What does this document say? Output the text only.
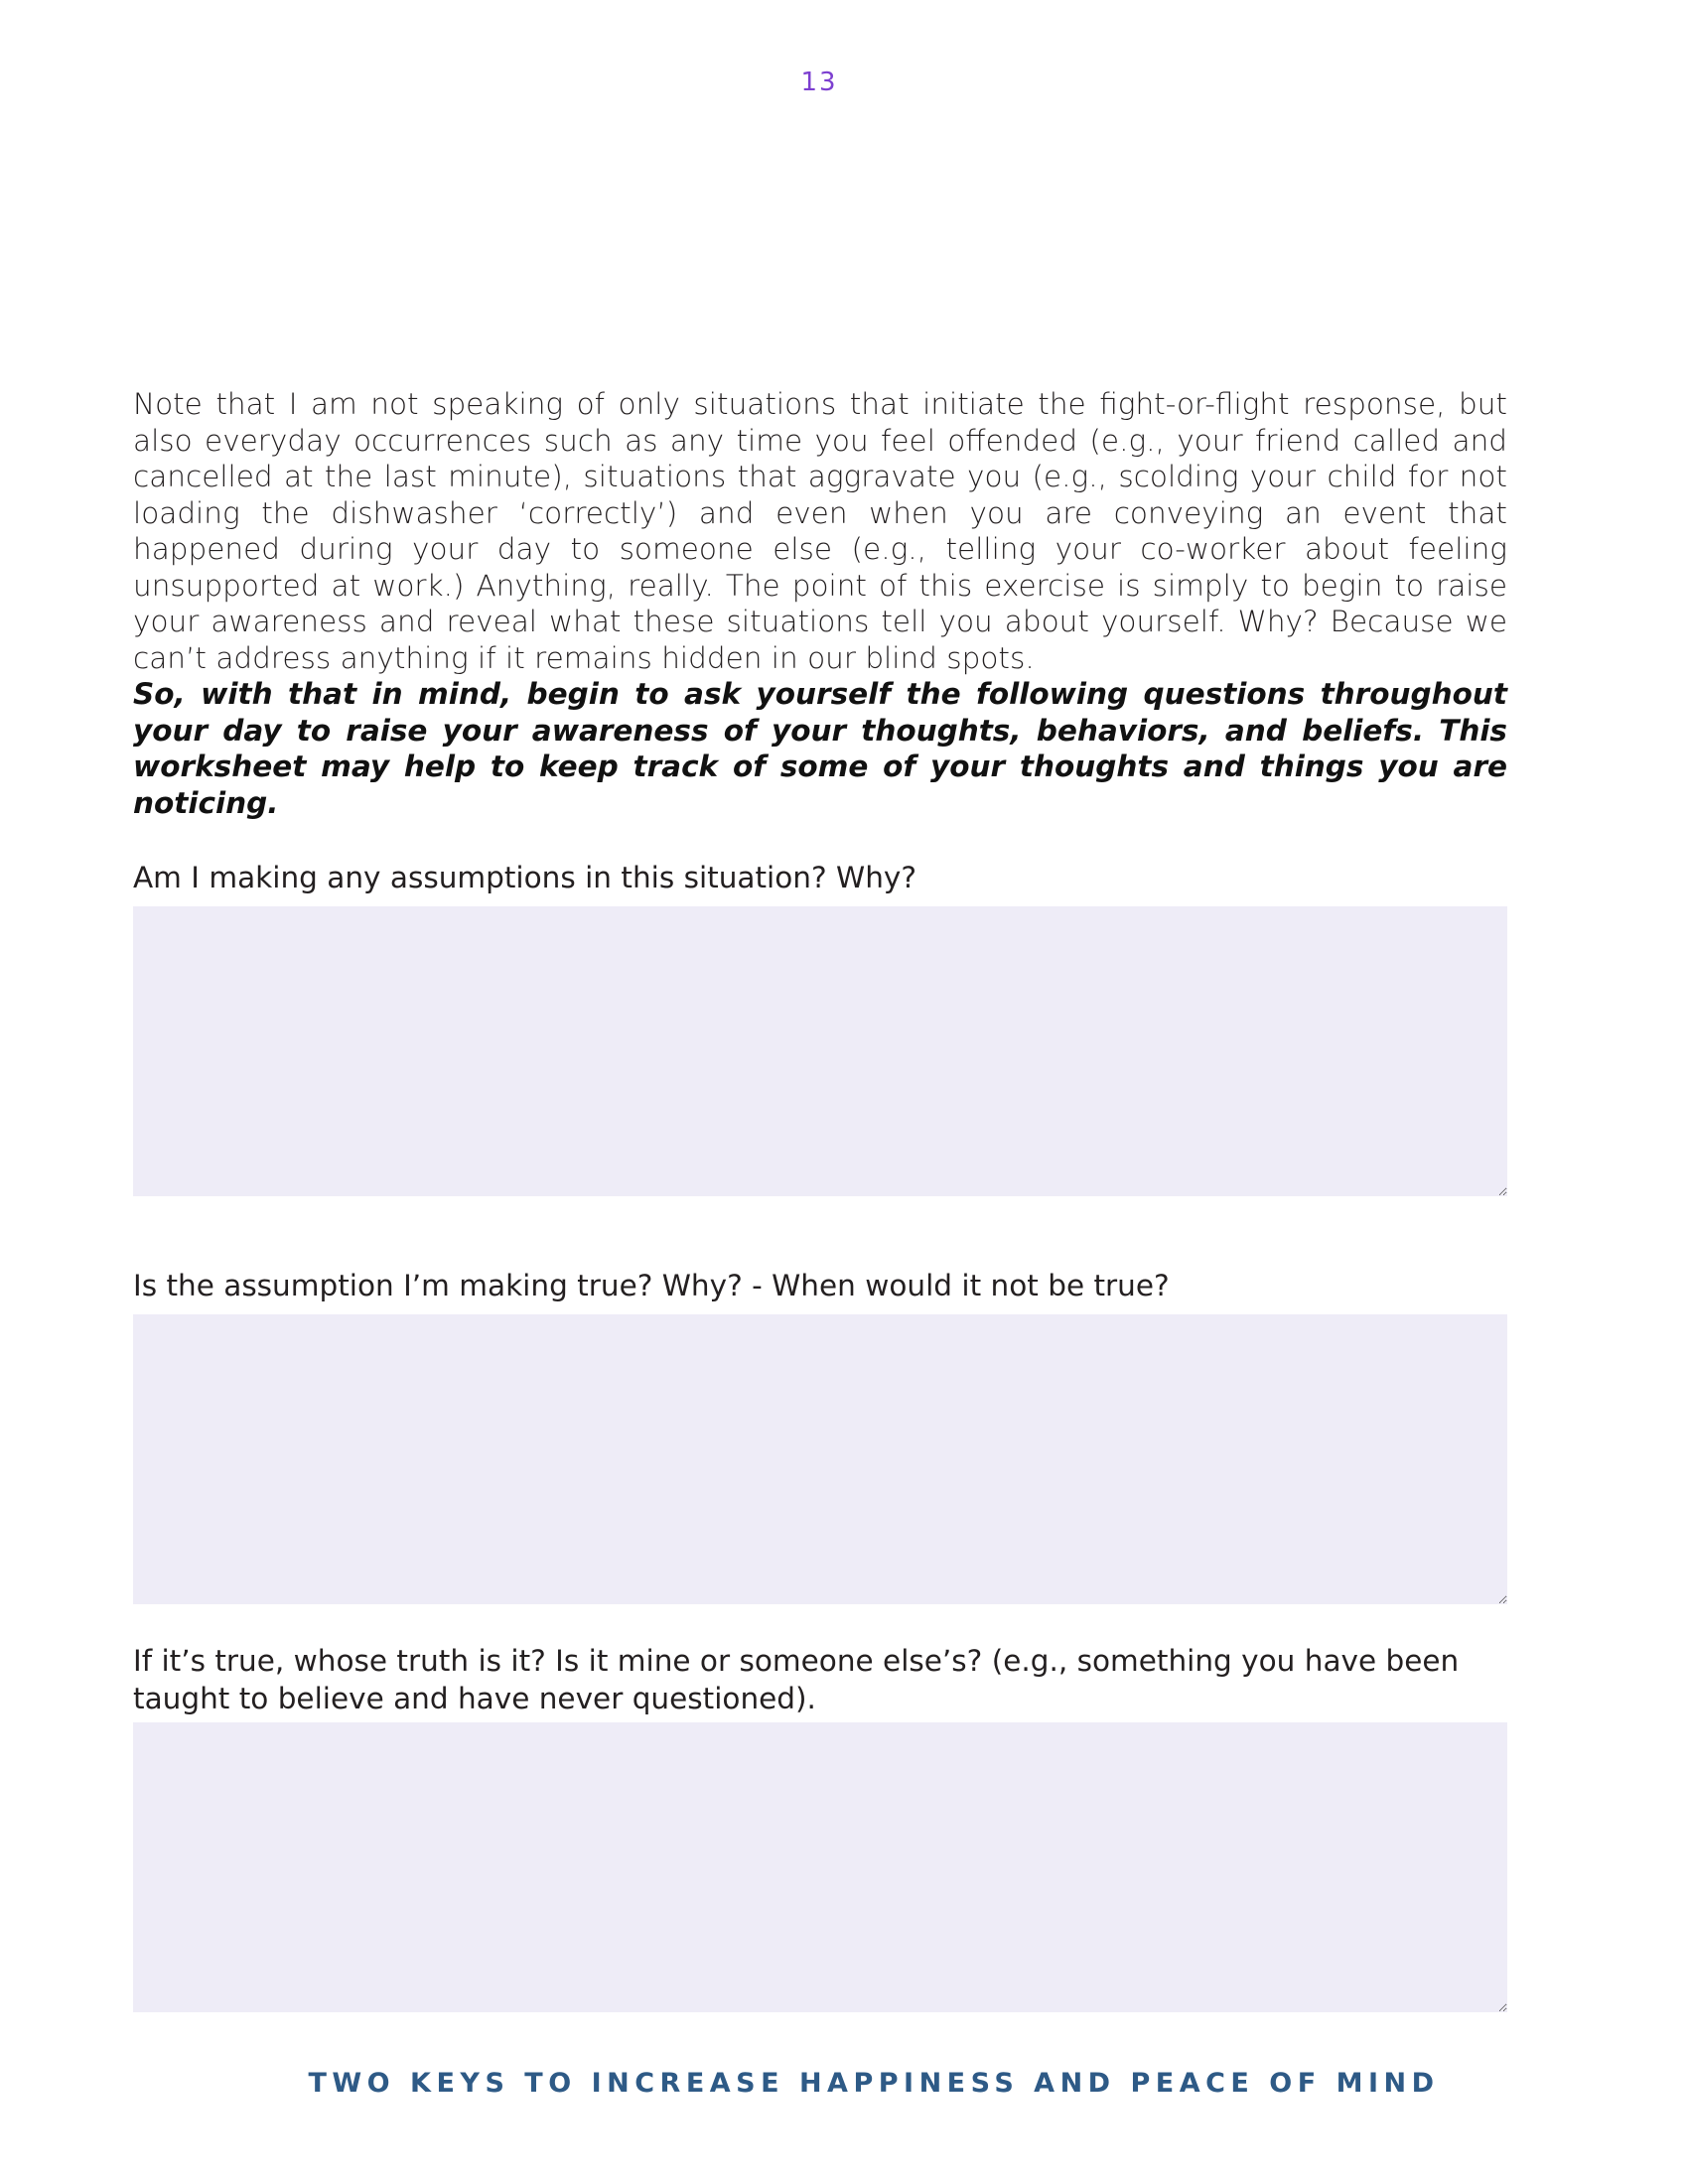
13

Note that I am not speaking of only situations that initiate the fight-or-flight response, but also everyday occurrences such as any time you feel offended (e.g., your friend called and cancelled at the last minute), situations that aggravate you (e.g., scolding your child for not loading the dishwasher ‘correctly’) and even when you are conveying an event that happened during your day to someone else (e.g., telling your co-worker about feeling unsupported at work.) Anything, really. The point of this exercise is simply to begin to raise your awareness and reveal what these situations tell you about yourself. Why? Because we can’t address anything if it remains hidden in our blind spots.

So, with that in mind, begin to ask yourself the following questions throughout your day to raise your awareness of your thoughts, behaviors, and beliefs. This worksheet may help to keep track of some of your thoughts and things you are noticing.

Am I making any assumptions in this situation? Why?
Is the assumption I’m making true? Why? - When would it not be true?
If it’s true, whose truth is it? Is it mine or someone else’s? (e.g., something you have been taught to believe and have never questioned).
TWO KEYS TO INCREASE HAPPINESS AND PEACE OF MIND
